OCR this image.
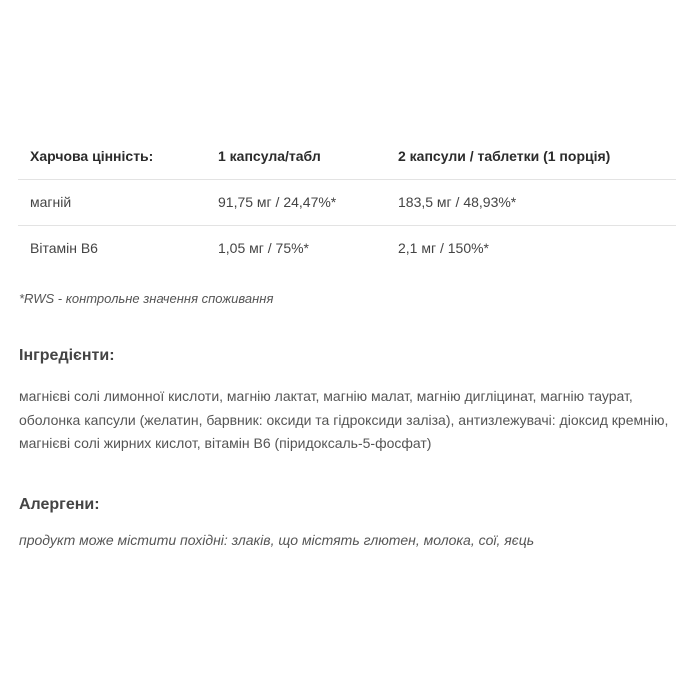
Харчова цінність:	1 капсула/табл	2 капсули / таблетки (1 порція)
магній	91,75 мг / 24,47%*	183,5 мг / 48,93%*
Вітамін В6	1,05 мг / 75%*	2,1 мг / 150%*

*RWS - контрольне значення споживання

Інгредієнти:

магнієві солі лимонної кислоти, магнію лактат, магнію малат, магнію дигліцинат, магнію таурат, оболонка капсули (желатин, барвник: оксиди та гідроксиди заліза), антизлежувачі: діоксид кремнію, магнієві солі жирних кислот, вітамін B6 (піридоксаль-5-фосфат)

Алергени:

продукт може містити похідні: злаків, що містять глютен, молока, сої, яєць
